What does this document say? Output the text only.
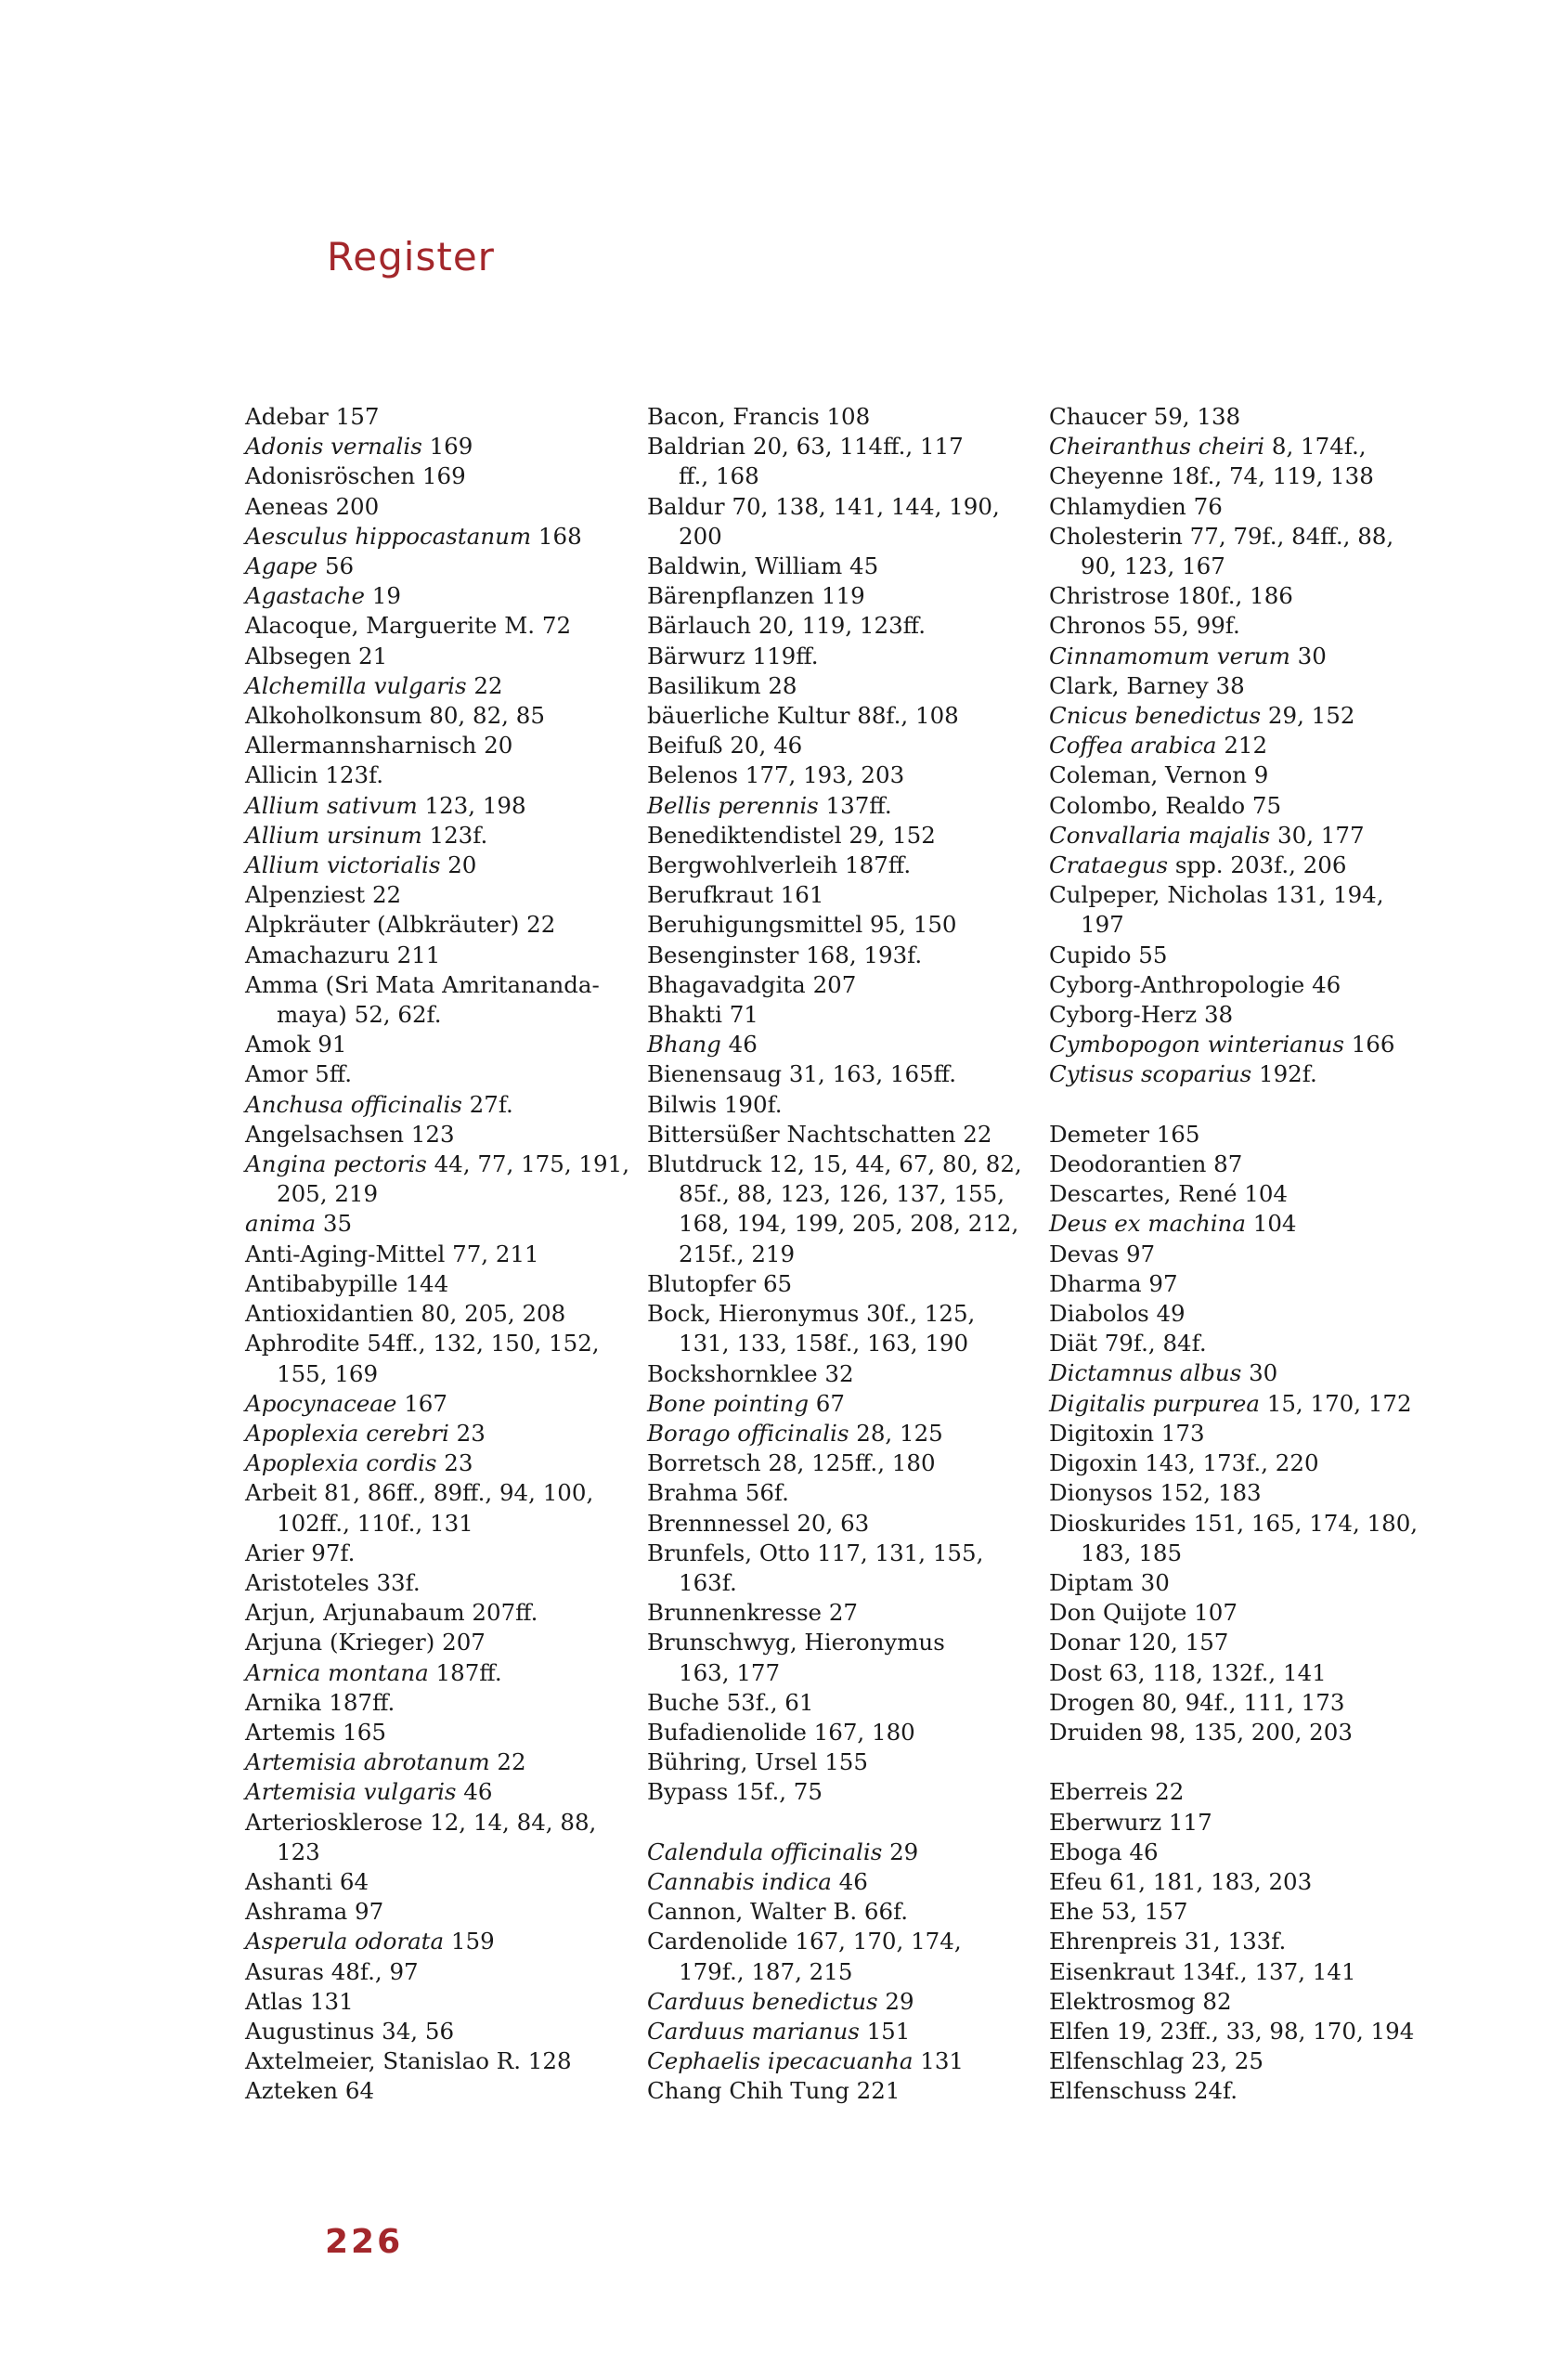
Register
Adebar 157
Adonis vernalis 169
Adonisröschen 169
Aeneas 200
Aesculus hippocastanum 168
Agape 56
Agastache 19
Alacoque, Marguerite M. 72
Albsegen 21
Alchemilla vulgaris 22
Alkoholkonsum 80, 82, 85
Allermannsharnisch 20
Allicin 123f.
Allium sativum 123, 198
Allium ursinum 123f.
Allium victorialis 20
Alpenziest 22
Alpkräuter (Albkräuter) 22
Amachazuru 211
Amma (Sri Mata Amritananda-
maya) 52, 62f.
Amok 91
Amor 5ff.
Anchusa officinalis 27f.
Angelsachsen 123
Angina pectoris 44, 77, 175, 191,
205, 219
anima 35
Anti-Aging-Mittel 77, 211
Antibabypille 144
Antioxidantien 80, 205, 208
Aphrodite 54ff., 132, 150, 152,
155, 169
Apocynaceae 167
Apoplexia cerebri 23
Apoplexia cordis 23
Arbeit 81, 86ff., 89ff., 94, 100,
102ff., 110f., 131
Arier 97f.
Aristoteles 33f.
Arjun, Arjunabaum 207ff.
Arjuna (Krieger) 207
Arnica montana 187ff.
Arnika 187ff.
Artemis 165
Artemisia abrotanum 22
Artemisia vulgaris 46
Arteriosklerose 12, 14, 84, 88,
123
Ashanti 64
Ashrama 97
Asperula odorata 159
Asuras 48f., 97
Atlas 131
Augustinus 34, 56
Axtelmeier, Stanislao R. 128
Azteken 64
Bacon, Francis 108
Baldrian 20, 63, 114ff., 117
ff., 168
Baldur 70, 138, 141, 144, 190,
200
Baldwin, William 45
Bärenpflanzen 119
Bärlauch 20, 119, 123ff.
Bärwurz 119ff.
Basilikum 28
bäuerliche Kultur 88f., 108
Beifuß 20, 46
Belenos 177, 193, 203
Bellis perennis 137ff.
Benediktendistel 29, 152
Bergwohlverleih 187ff.
Berufkraut 161
Beruhigungsmittel 95, 150
Besenginster 168, 193f.
Bhagavadgita 207
Bhakti 71
Bhang 46
Bienensaug 31, 163, 165ff.
Bilwis 190f.
Bittersüßer Nachtschatten 22
Blutdruck 12, 15, 44, 67, 80, 82,
85f., 88, 123, 126, 137, 155,
168, 194, 199, 205, 208, 212,
215f., 219
Blutopfer 65
Bock, Hieronymus 30f., 125,
131, 133, 158f., 163, 190
Bockshornklee 32
Bone pointing 67
Borago officinalis 28, 125
Borretsch 28, 125ff., 180
Brahma 56f.
Brennnessel 20, 63
Brunfels, Otto 117, 131, 155,
163f.
Brunnenkresse 27
Brunschwyg, Hieronymus
163, 177
Buche 53f., 61
Bufadienolide 167, 180
Bühring, Ursel 155
Bypass 15f., 75
Calendula officinalis 29
Cannabis indica 46
Cannon, Walter B. 66f.
Cardenolide 167, 170, 174,
179f., 187, 215
Carduus benedictus 29
Carduus marianus 151
Cephaelis ipecacuanha 131
Chang Chih Tung 221
Chaucer 59, 138
Cheiranthus cheiri 8, 174f.,
Cheyenne 18f., 74, 119, 138
Chlamydien 76
Cholesterin 77, 79f., 84ff., 88,
90, 123, 167
Christrose 180f., 186
Chronos 55, 99f.
Cinnamomum verum 30
Clark, Barney 38
Cnicus benedictus 29, 152
Coffea arabica 212
Coleman, Vernon 9
Colombo, Realdo 75
Convallaria majalis 30, 177
Crataegus spp. 203f., 206
Culpeper, Nicholas 131, 194,
197
Cupido 55
Cyborg-Anthropologie 46
Cyborg-Herz 38
Cymbopogon winterianus 166
Cytisus scoparius 192f.
Demeter 165
Deodorantien 87
Descartes, René 104
Deus ex machina 104
Devas 97
Dharma 97
Diabolos 49
Diät 79f., 84f.
Dictamnus albus 30
Digitalis purpurea 15, 170, 172
Digitoxin 173
Digoxin 143, 173f., 220
Dionysos 152, 183
Dioskurides 151, 165, 174, 180,
183, 185
Diptam 30
Don Quijote 107
Donar 120, 157
Dost 63, 118, 132f., 141
Drogen 80, 94f., 111, 173
Druiden 98, 135, 200, 203
Eberreis 22
Eberwurz 117
Eboga 46
Efeu 61, 181, 183, 203
Ehe 53, 157
Ehrenpreis 31, 133f.
Eisenkraut 134f., 137, 141
Elektrosmog 82
Elfen 19, 23ff., 33, 98, 170, 194
Elfenschlag 23, 25
Elfenschuss 24f.
226
